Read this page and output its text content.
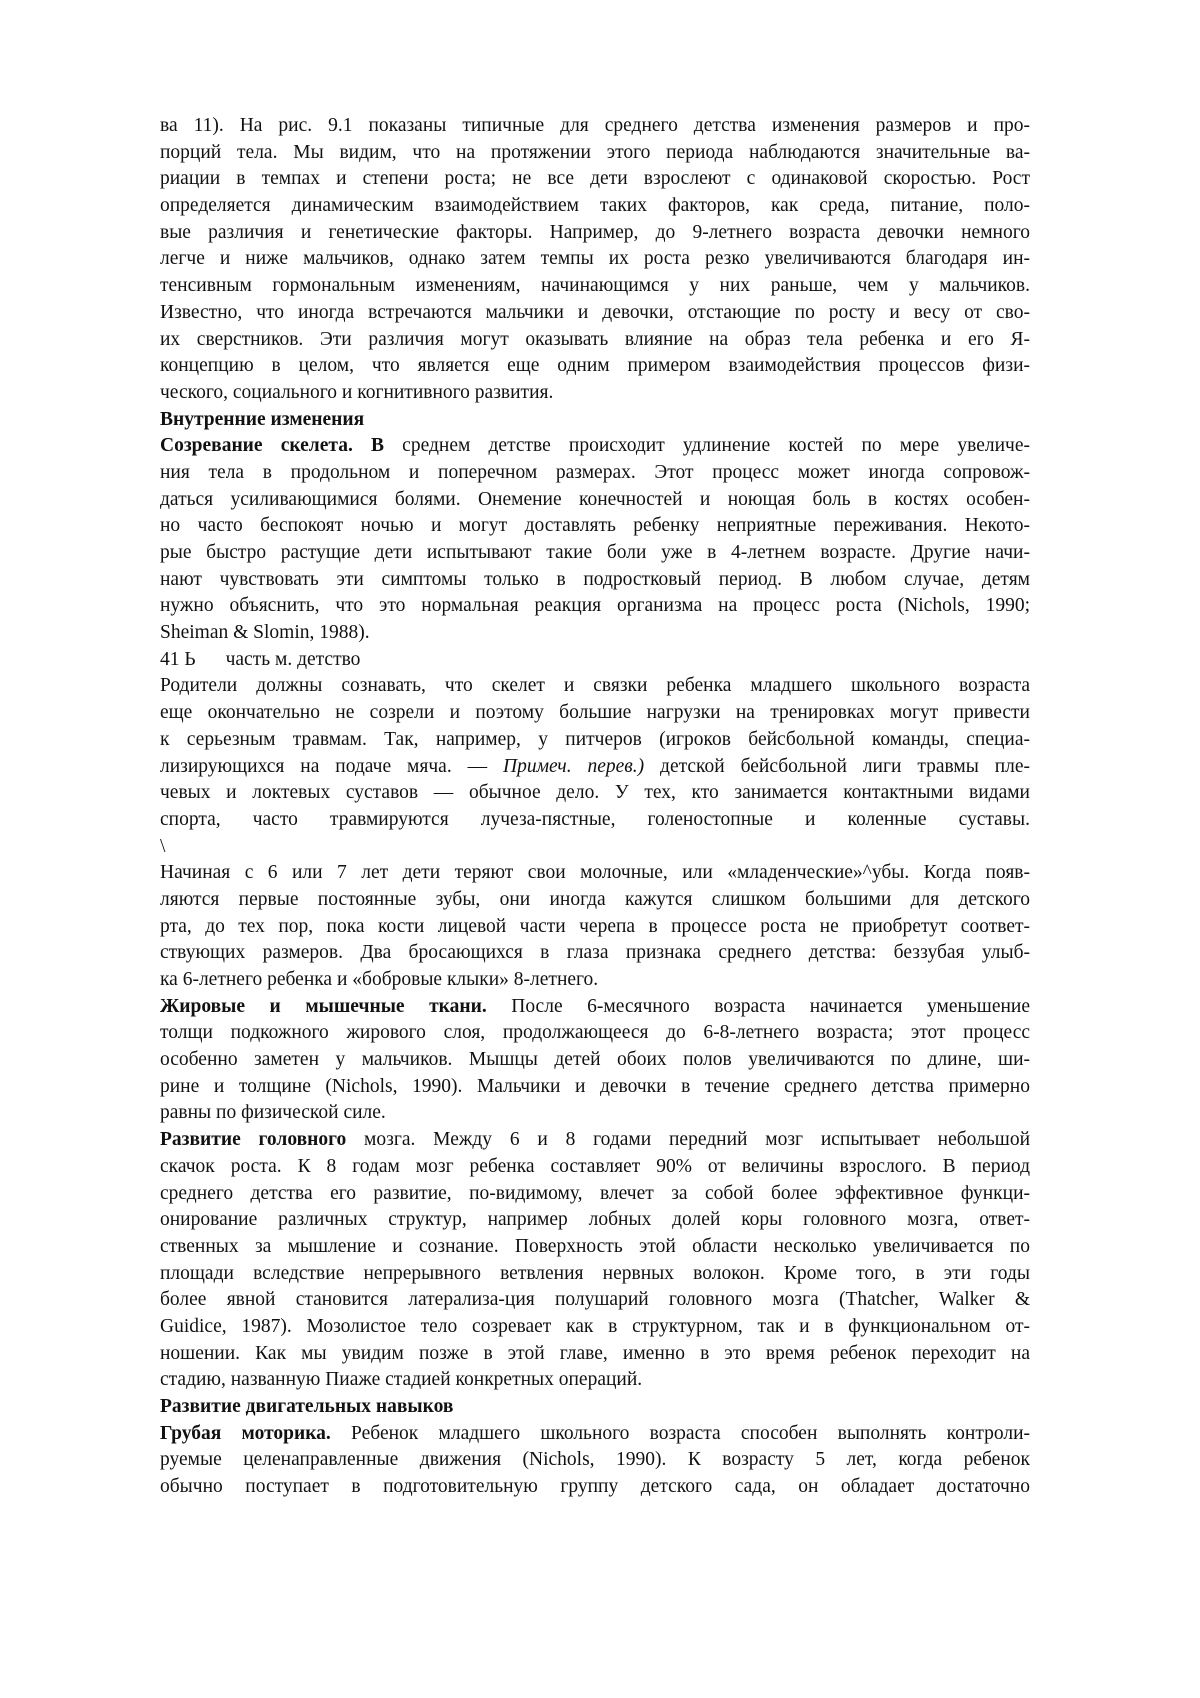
ва 11). На рис. 9.1 показаны типичные для среднего детства изменения размеров и про-
порций тела. Мы видим, что на протяжении этого периода наблюдаются значительные ва-
риации в темпах и степени роста; не все дети взрослеют с одинаковой скоростью. Рост
определяется динамическим взаимодействием таких факторов, как среда, питание, поло-
вые различия и генетические факторы. Например, до 9-летнего возраста девочки немного
легче и ниже мальчиков, однако затем темпы их роста резко увеличиваются благодаря ин-
тенсивным гормональным изменениям, начинающимся у них раньше, чем у мальчиков.
Известно, что иногда встречаются мальчики и девочки, отстающие по росту и весу от сво-
их сверстников. Эти различия могут оказывать влияние на образ тела ребенка и его Я-
концепцию в целом, что является еще одним примером взаимодействия процессов физи-
ческого, социального и когнитивного развития.
Внутренние изменения
Созревание скелета. В среднем детстве происходит удлинение костей по мере увеличе-
ния тела в продольном и поперечном размерах. Этот процесс может иногда сопровож-
даться усиливающимися болями. Онемение конечностей и ноющая боль в костях особен-
но часто беспокоят ночью и могут доставлять ребенку неприятные переживания. Некото-
рые быстро растущие дети испытывают такие боли уже в 4-летнем возрасте. Другие начи-
нают чувствовать эти симптомы только в подростковый период. В любом случае, детям
нужно объяснить, что это нормальная реакция организма на процесс роста (Nichols, 1990;
Sheiman & Slomin, 1988).
41 Ь часть м. детство
Родители должны сознавать, что скелет и связки ребенка младшего школьного возраста
еще окончательно не созрели и поэтому большие нагрузки на тренировках могут привести
к серьезным травмам. Так, например, у питчеров (игроков бейсбольной команды, специа-
лизирующихся на подаче мяча. — Примеч. перев.) детской бейсбольной лиги травмы пле-
чевых и локтевых суставов — обычное дело. У тех, кто занимается контактными видами
спорта, часто травмируются лучеза-пястные, голеностопные и коленные суставы.
\
Начиная с 6 или 7 лет дети теряют свои молочные, или «младенческие»^убы. Когда появ-
ляются первые постоянные зубы, они иногда кажутся слишком большими для детского
рта, до тех пор, пока кости лицевой части черепа в процессе роста не приобретут соответ-
ствующих размеров. Два бросающихся в глаза признака среднего детства: беззубая улыб-
ка 6-летнего ребенка и «бобровые клыки» 8-летнего.
Жировые и мышечные ткани. После 6-месячного возраста начинается уменьшение
толщи подкожного жирового слоя, продолжающееся до 6-8-летнего возраста; этот процесс
особенно заметен у мальчиков. Мышцы детей обоих полов увеличиваются по длине, ши-
рине и толщине (Nichols, 1990). Мальчики и девочки в течение среднего детства примерно
равны по физической силе.
Развитие головного мозга. Между 6 и 8 годами передний мозг испытывает небольшой
скачок роста. К 8 годам мозг ребенка составляет 90% от величины взрослого. В период
среднего детства его развитие, по-видимому, влечет за собой более эффективное функци-
онирование различных структур, например лобных долей коры головного мозга, ответ-
ственных за мышление и сознание. Поверхность этой области несколько увеличивается по
площади вследствие непрерывного ветвления нервных волокон. Кроме того, в эти годы
более явной становится латерализа-ция полушарий головного мозга (Thatcher, Walker &
Guidice, 1987). Мозолистое тело созревает как в структурном, так и в функциональном от-
ношении. Как мы увидим позже в этой главе, именно в это время ребенок переходит на
стадию, названную Пиаже стадией конкретных операций.
Развитие двигательных навыков
Грубая моторика. Ребенок младшего школьного возраста способен выполнять контроли-
руемые целенаправленные движения (Nichols, 1990). К возрасту 5 лет, когда ребенок
обычно поступает в подготовительную группу детского сада, он обладает достаточно
